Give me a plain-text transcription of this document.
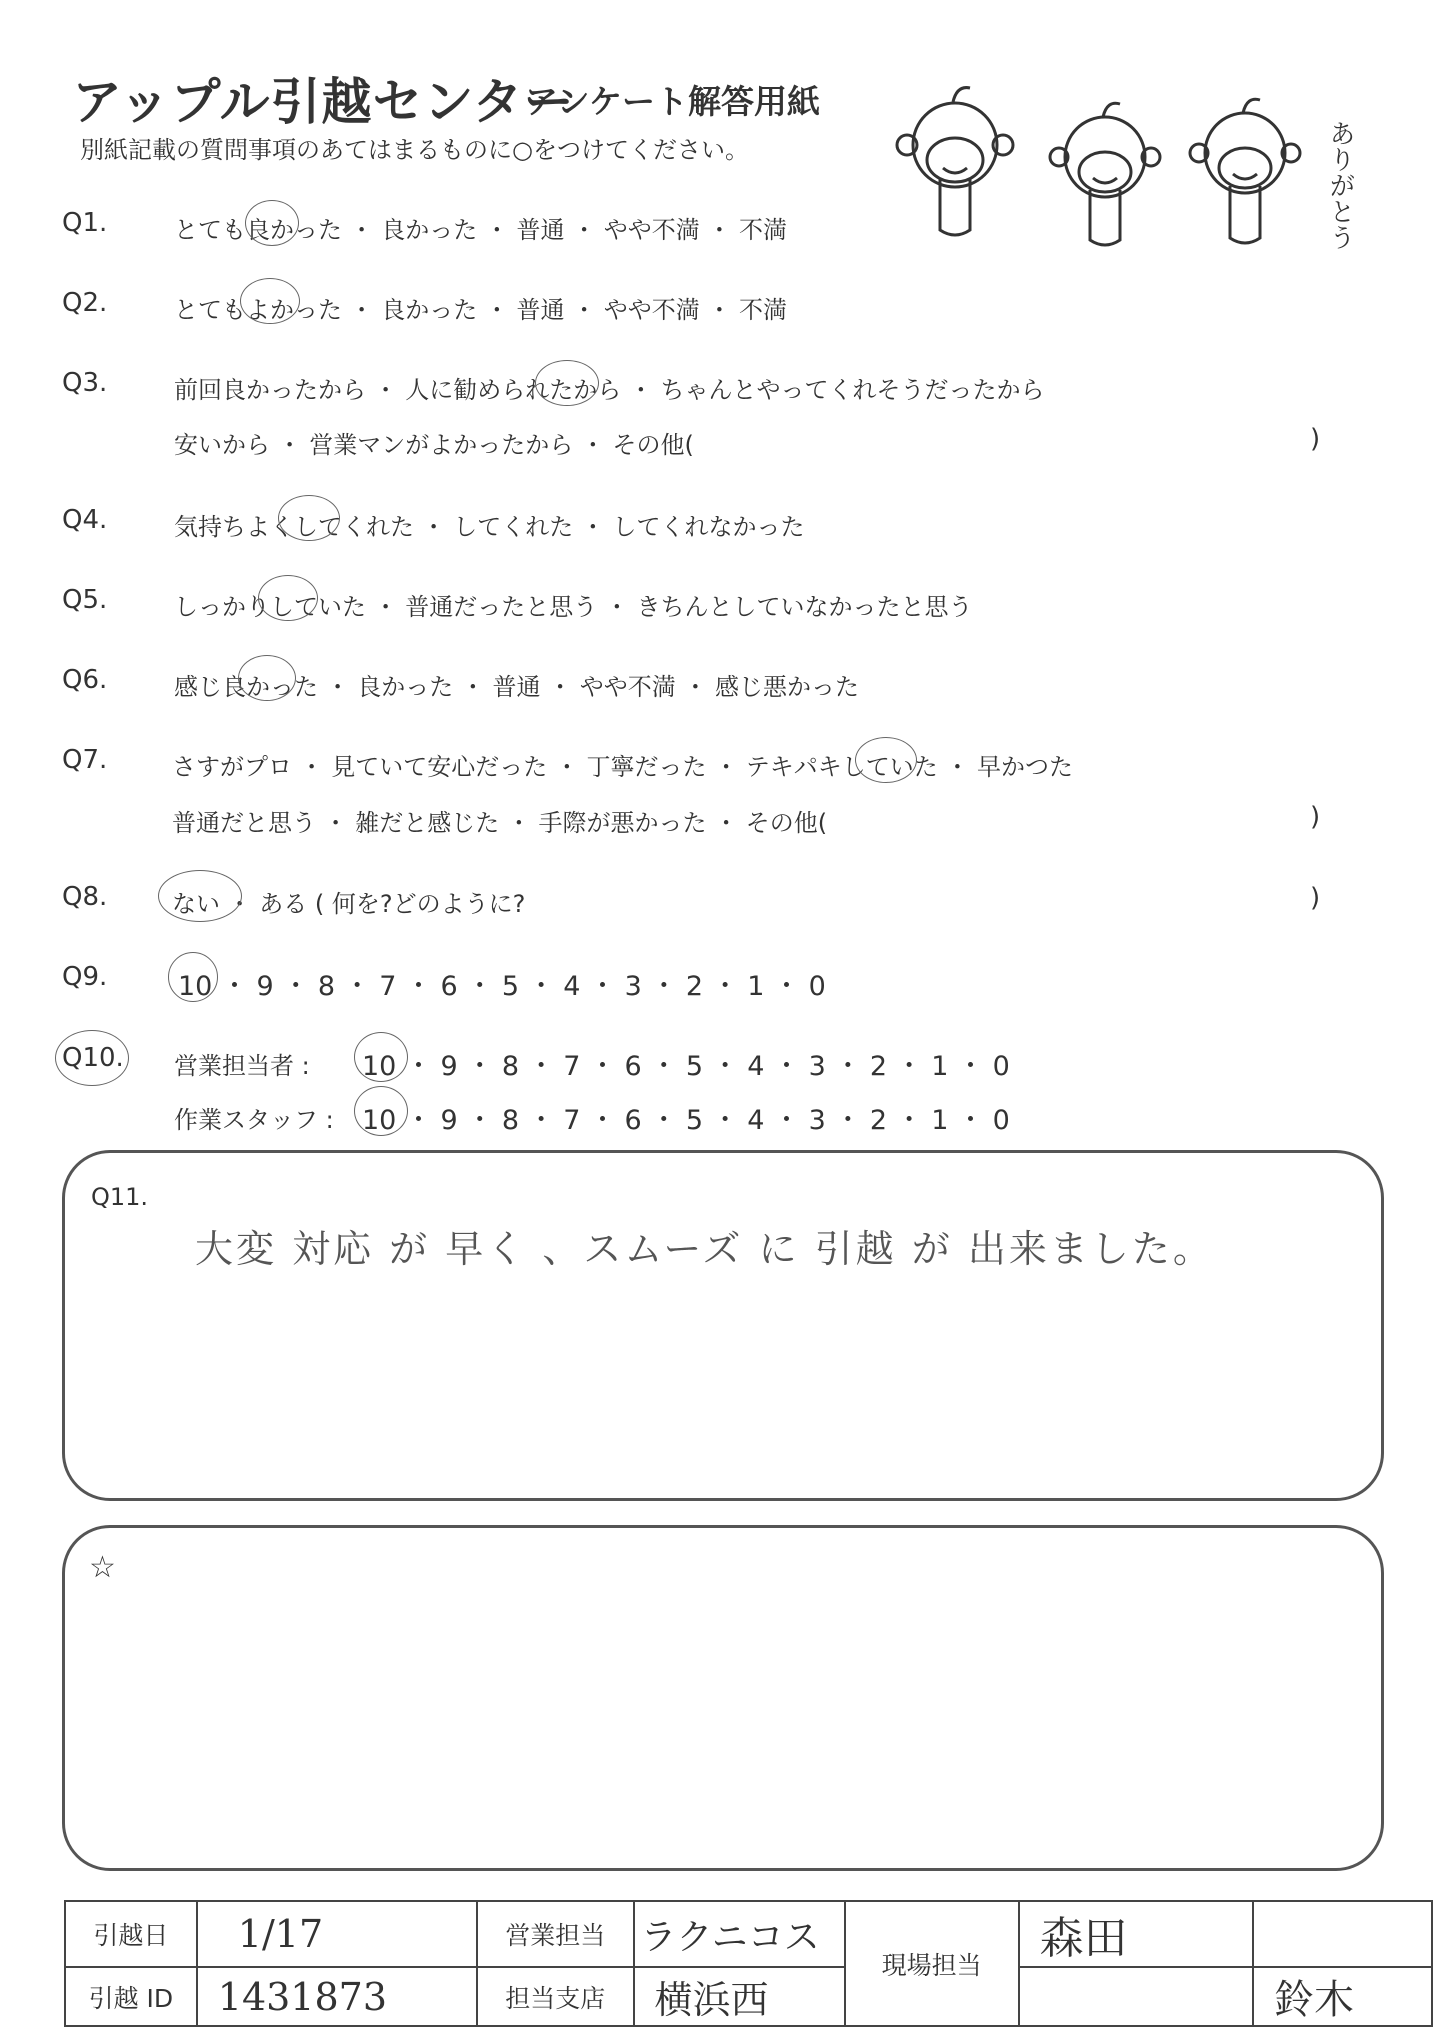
アップル引越センター
アンケート解答用紙
別紙記載の質問事項のあてはまるものに○をつけてください。	ありがとう
Q1.	とても良かった ・ 良かった ・ 普通 ・ やや不満 ・ 不満
Q2.	とてもよかった ・ 良かった ・ 普通 ・ やや不満 ・ 不満
Q3.	前回良かったから ・ 人に勧められたから ・ ちゃんとやってくれそうだったから
安いから ・ 営業マンがよかったから ・ その他(	)
Q4.	気持ちよくしてくれた ・ してくれた ・ してくれなかった
Q5.	しっかりしていた ・ 普通だったと思う ・ きちんとしていなかったと思う
Q6.	感じ良かった ・ 良かった ・ 普通 ・ やや不満 ・ 感じ悪かった
Q7.	さすがプロ ・ 見ていて安心だった ・ 丁寧だった ・ テキパキしていた ・ 早かつた
普通だと思う ・ 雑だと感じた ・ 手際が悪かった ・ その他(	)
Q8.	ない ・ ある ( 何を?どのように?	)
Q9.	10 ・ 9 ・ 8 ・ 7 ・ 6 ・ 5 ・ 4 ・ 3 ・ 2 ・ 1 ・ 0
Q10. 営業担当者 : 10 ・ 9 ・ 8 ・ 7 ・ 6 ・ 5 ・ 4 ・ 3 ・ 2 ・ 1 ・ 0
作業スタッフ : 10 ・ 9 ・ 8 ・ 7 ・ 6 ・ 5 ・ 4 ・ 3 ・ 2 ・ 1 ・ 0
Q11.
大変 対応 が 早く 、スムーズ に 引越 が 出来ました。
☆
引越日	1/17	営業担当	ラクニコス	現場担当	森田	
引越 ID	1431873	担当支店	横浜西			鈴木
